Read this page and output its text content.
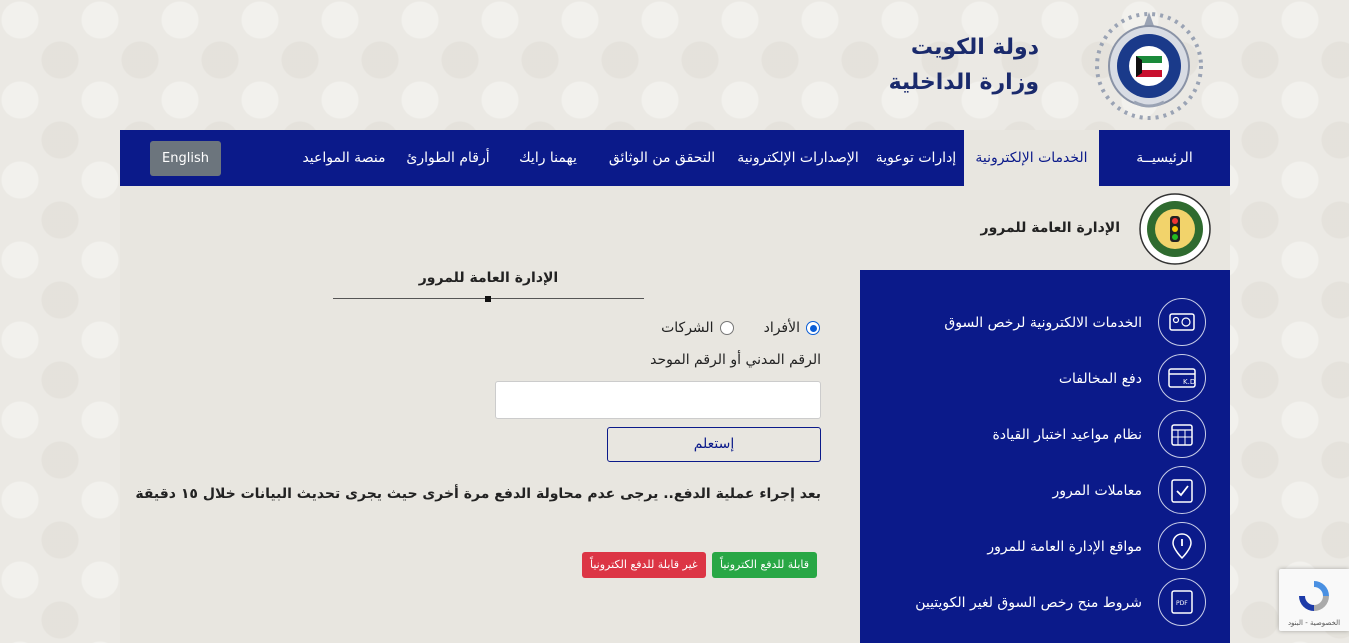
دولة الكويت
وزارة الداخلية
الرئيسيــة
الخدمات الإلكترونية
إدارات توعوية
الإصدارات الإلكترونية
التحقق من الوثائق
يهمنا رايك
أرقام الطوارئ
منصة المواعيد
English
الإدارة العامة للمرور
الخدمات الالكترونية لرخص السوق
K.D
دفع المخالفات
نظام مواعيد اختبار القيادة
معاملات المرور
مواقع الإدارة العامة للمرور
PDF
شروط منح رخص السوق لغير الكويتيين
الإدارة العامة للمرور
الأفراد
الشركات
الرقم المدني أو الرقم الموحد
إستعلم
بعد إجراء عملية الدفع.. يرجى عدم محاولة الدفع مرة أخرى حيث يجرى تحديث البيانات خلال ١٥ دقيقة
قابلة للدفع الكترونياً
غير قابلة للدفع الكترونياً
الخصوصية - البنود
